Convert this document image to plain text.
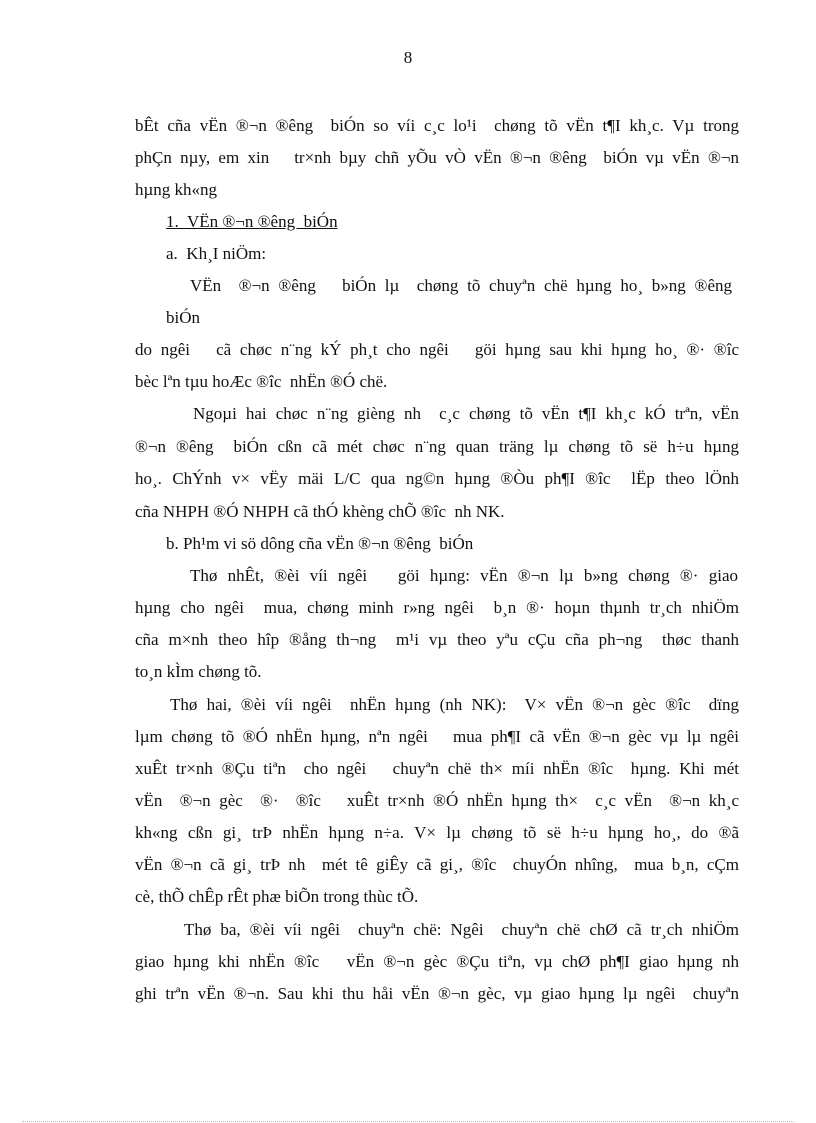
8
bÊt cña vËn ®¬n ®êng  biÓn so víi c¸c lo¹i  chøng tõ vËn t¶I kh¸c. Vµ trong
phÇn nµy, em xin   tr×nh bµy chñ yÕu vÒ vËn ®¬n ®êng  biÓn vµ vËn ®¬n
hµng kh«ng
1.  VËn ®¬n ®êng  biÓn
a.  Kh¸I niÖm:
VËn  ®¬n ®êng   biÓn lµ  chøng tõ chuyªn chë hµng ho¸ b»ng ®êng
biÓn
do ngêi   cã chøc n¨ng kÝ ph¸t cho ngêi   göi hµng sau khi hµng ho¸ ®· ®îc
bèc lªn tµu hoÆc ®îc  nhËn ®Ó chë.
Ngoµi hai chøc n¨ng gièng nh  c¸c chøng tõ vËn t¶I kh¸c kÓ trªn, vËn
®¬n ®êng  biÓn cßn cã mét chøc n¨ng quan träng lµ chøng tõ së h÷u hµng
ho¸. ChÝnh v× vËy mäi L/C qua ng©n hµng ®Òu ph¶I ®îc  lËp theo lÖnh
cña NHPH ®Ó NHPH cã thÓ khèng chÕ ®îc  nh NK.
b. Ph¹m vi sö dông cña vËn ®¬n ®êng  biÓn
Thø nhÊt, ®èi víi ngêi   göi hµng: vËn ®¬n lµ b»ng chøng ®· giao
hµng cho ngêi  mua, chøng minh r»ng ngêi  b¸n ®· hoµn thµnh tr¸ch nhiÖm
cña m×nh theo hîp ®ång th¬ng  m¹i vµ theo yªu cÇu cña ph¬ng  thøc thanh
to¸n kÌm chøng tõ.
Thø hai, ®èi víi ngêi  nhËn hµng (nh NK):  V× vËn ®¬n gèc ®îc  dïng
lµm chøng tõ ®Ó nhËn hµng, nªn ngêi   mua ph¶I cã vËn ®¬n gèc vµ lµ ngêi
xuÊt tr×nh ®Çu tiªn  cho ngêi   chuyªn chë th× míi nhËn ®îc  hµng. Khi mét
vËn  ®¬n gèc  ®·  ®îc   xuÊt tr×nh ®Ó nhËn hµng th×  c¸c vËn  ®¬n kh¸c
kh«ng cßn gi¸ trÞ nhËn hµng n÷a. V× lµ chøng tõ së h÷u hµng ho¸, do ®ã
vËn ®¬n cã gi¸ trÞ nh  mét tê giÊy cã gi¸, ®îc  chuyÓn nhîng,  mua b¸n, cÇm
cè, thÕ chÊp rÊt phæ biÕn trong thùc tÕ.
Thø ba, ®èi víi ngêi  chuyªn chë: Ngêi  chuyªn chë chØ cã tr¸ch nhiÖm
giao hµng khi nhËn ®îc   vËn ®¬n gèc ®Çu tiªn, vµ chØ ph¶I giao hµng nh
ghi trªn vËn ®¬n. Sau khi thu håi vËn ®¬n gèc, vµ giao hµng lµ ngêi  chuyªn
